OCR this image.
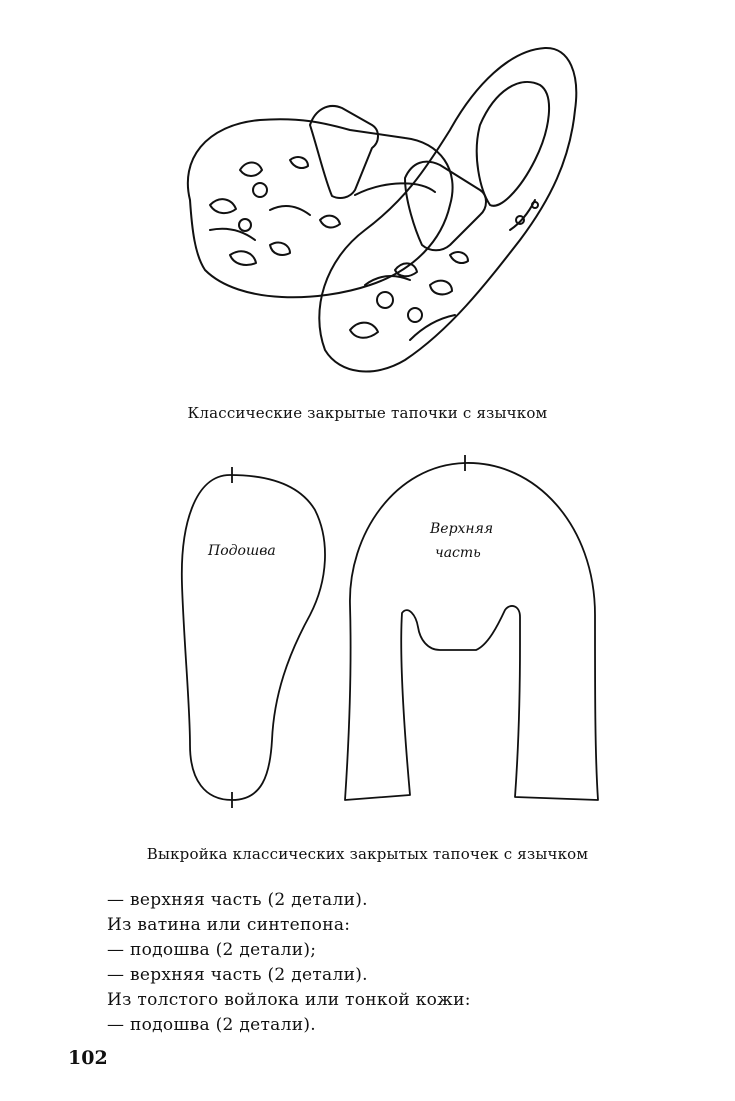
Классические закрытые тапочки с язычком
Подошва
Верхняя
часть
Выкройка классических закрытых тапочек с язычком
— верхняя часть (2 детали).
Из ватина или синтепона:
— подошва (2 детали);
— верхняя часть (2 детали).
Из толстого войлока или тонкой кожи:
— подошва (2 детали).
102
